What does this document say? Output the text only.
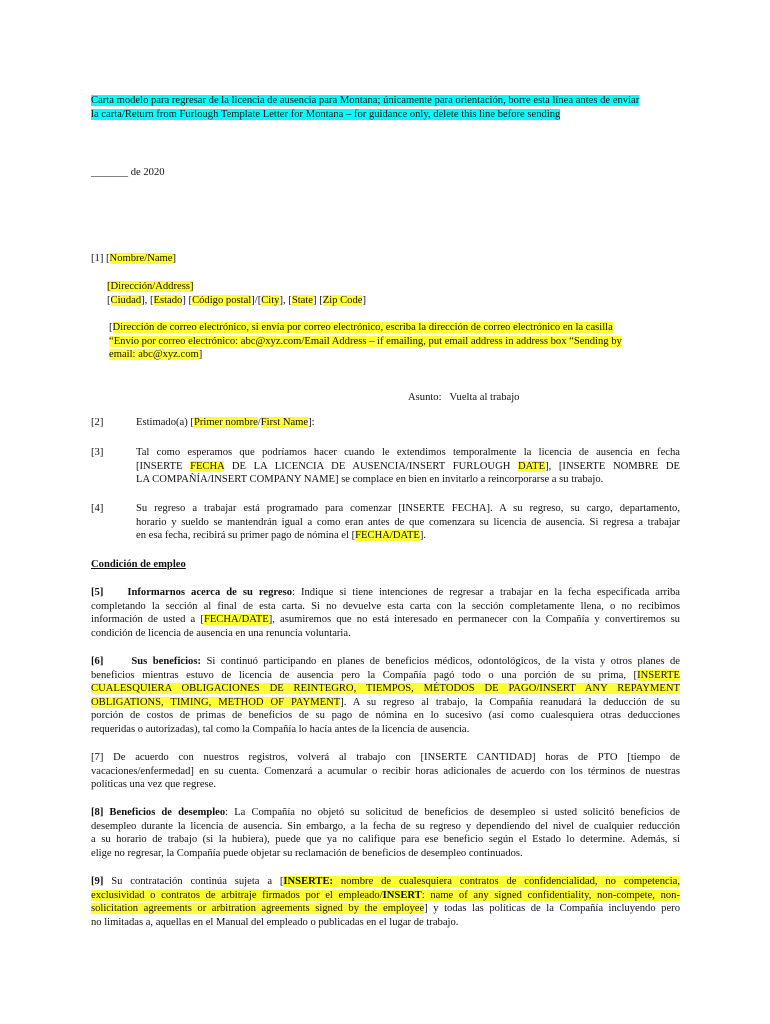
Carta modelo para regresar de la licencia de ausencia para Montana; únicamente para orientación, borre esta línea antes de enviar
la carta/Return from Furlough Template Letter for Montana – for guidance only, delete this line before sending
_______ de 2020
[1] [Nombre/Name]
[Dirección/Address]
[Ciudad], [Estado] [Código postal]/[City], [State] [Zip Code]
[Dirección de correo electrónico, si envía por correo electrónico, escriba la dirección de correo electrónico en la casilla
“Envío por correo electrónico: abc@xyz.com/Email Address – if emailing, put email address in address box “Sending by
email: abc@xyz.com]
Asunto: Vuelta al trabajo
[2]	Estimado(a) [Primer nombre/First Name]:
[3]	Tal como esperamos que podríamos hacer cuando le extendimos temporalmente la licencia de ausencia en fecha
[INSERTE FECHA DE LA LICENCIA DE AUSENCIA/INSERT FURLOUGH DATE], [INSERTE NOMBRE DE
LA COMPAÑÍA/INSERT COMPANY NAME] se complace en bien en invitarlo a reincorporarse a su trabajo.
[4]	Su regreso a trabajar está programado para comenzar [INSERTE FECHA]. A su regreso, su cargo, departamento,
horario y sueldo se mantendrán igual a como eran antes de que comenzara su licencia de ausencia. Si regresa a trabajar
en esa fecha, recibirá su primer pago de nómina el [FECHA/DATE].
Condición de empleo
[5] Informarnos acerca de su regreso: Indique si tiene intenciones de regresar a trabajar en la fecha especificada arriba
completando la sección al final de esta carta. Si no devuelve esta carta con la sección completamente llena, o no recibimos
información de usted a [FECHA/DATE], asumiremos que no está interesado en permanecer con la Compañía y convertiremos su
condición de licencia de ausencia en una renuncia voluntaria.
[6]	Sus beneficios: Si continuó participando en planes de beneficios médicos, odontológicos, de la vista y otros planes de
beneficios mientras estuvo de licencia de ausencia pero la Compañía pagó todo o una porción de su prima, [INSERTE
CUALESQUIERA OBLIGACIONES DE REINTEGRO, TIEMPOS, MÉTODOS DE PAGO/INSERT ANY REPAYMENT
OBLIGATIONS, TIMING, METHOD OF PAYMENT]. A su regreso al trabajo, la Compañía reanudará la deducción de su
porción de costos de primas de beneficios de su pago de nómina en lo sucesivo (así como cualesquiera otras deducciones
requeridas o autorizadas), tal como la Compañía lo hacía antes de la licencia de ausencia.
[7] De acuerdo con nuestros registros, volverá al trabajo con [INSERTE CANTIDAD] horas de PTO [tiempo de
vacaciones/enfermedad] en su cuenta. Comenzará a acumular o recibir horas adicionales de acuerdo con los términos de nuestras
políticas una vez que regrese.
[8] Beneficios de desempleo: La Compañía no objetó su solicitud de beneficios de desempleo si usted solicitó beneficios de
desempleo durante la licencia de ausencia. Sin embargo, a la fecha de su regreso y dependiendo del nivel de cualquier reducción
a su horario de trabajo (si la hubiera), puede que ya no califique para ese beneficio según el Estado lo determine. Además, si
elige no regresar, la Compañía puede objetar su reclamación de beneficios de desempleo continuados.
[9] Su contratación continúa sujeta a [INSERTE: nombre de cualesquiera contratos de confidencialidad, no competencia,
exclusividad o contratos de arbitraje firmados por el empleado/INSERT: name of any signed confidentiality, non-compete, non-
solicitation agreements or arbitration agreements signed by the employee] y todas las políticas de la Compañía incluyendo pero
no limitadas a, aquellas en el Manual del empleado o publicadas en el lugar de trabajo.
